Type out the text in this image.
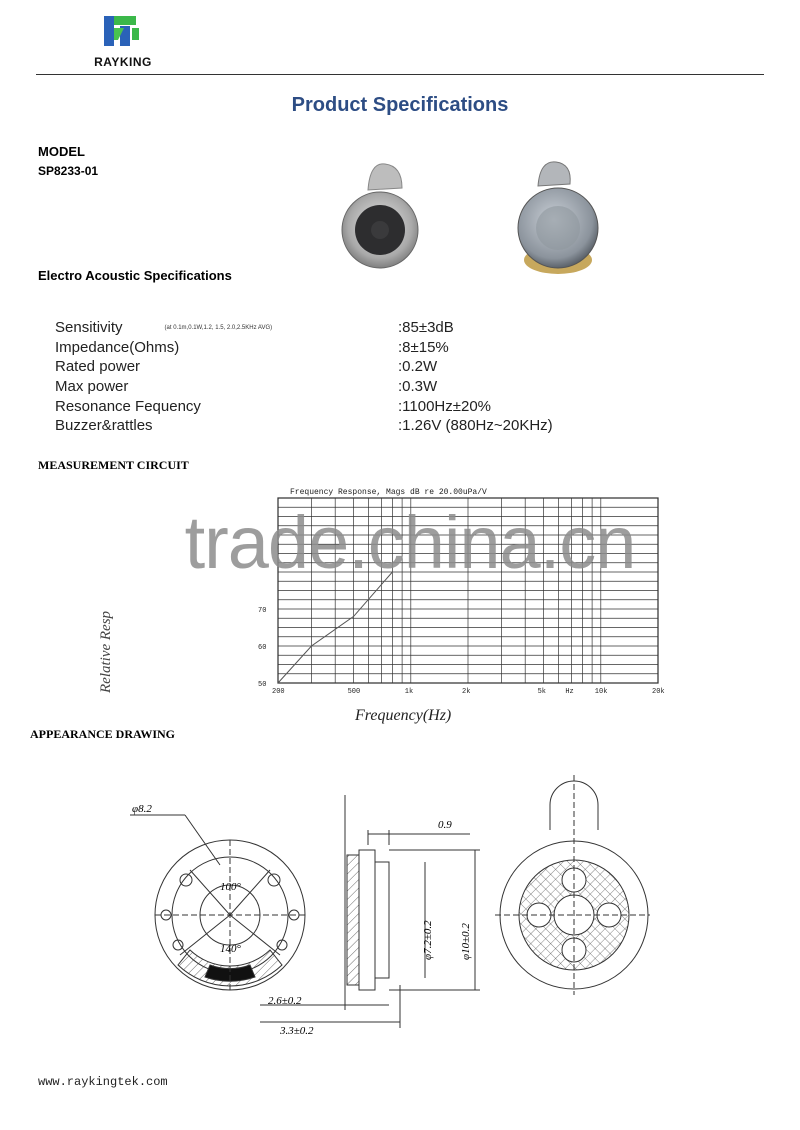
RAYKING
Product Specifications
MODEL
SP8233-01
Electro Acoustic Specifications
Sensitivity	(at 0.1m,0.1W,1.2, 1.5, 2.0,2.5KHz AVG)	:85±3dB
Impedance(Ohms)	:8±15%
Rated power	:0.2W
Max power	:0.3W
Resonance Fequency	:1100Hz±20%
Buzzer&rattles	:1.26V (880Hz~20KHz)
MEASUREMENT CIRCUIT
Frequency Response, Mags dB re 20.00uPa/V
200	500	1k	2k	5k	Hz	10k	20k
70
60
50
Frequency(Hz)
Relative Resp
trade.china.cn
APPEARANCE DRAWING
φ8.2
100°
140°
0.9
φ7.2±0.2 φ10±0.2
2.6±0.2
3.3±0.2
www.raykingtek.com
